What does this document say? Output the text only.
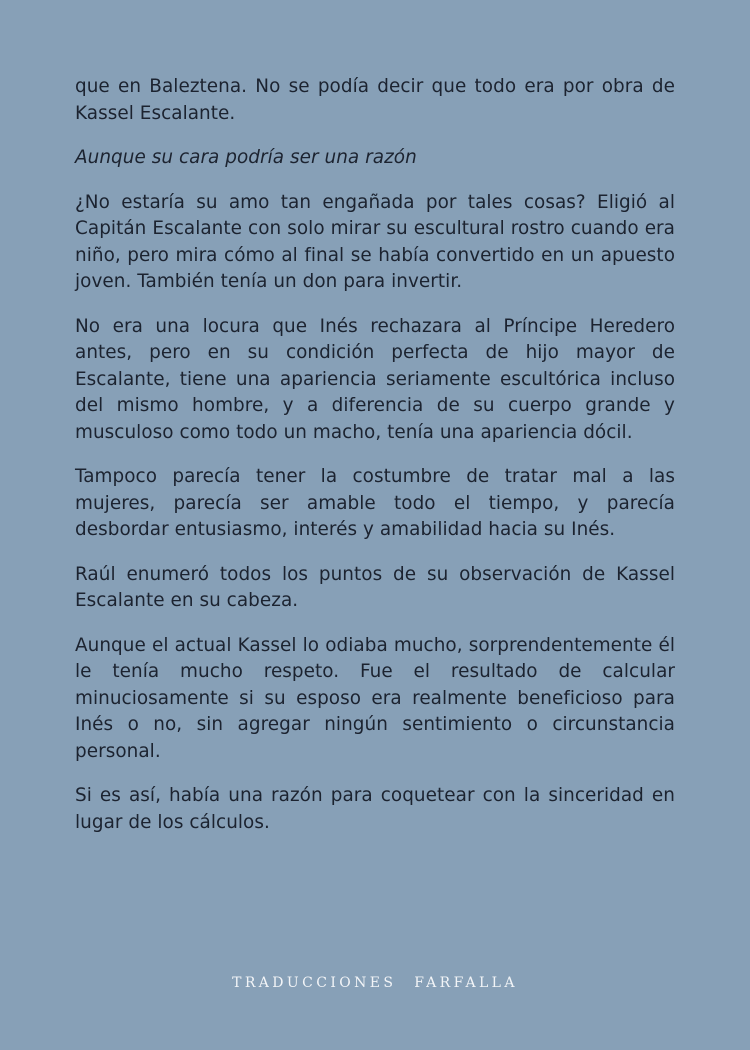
que en Baleztena. No se podía decir que todo era por obra de Kassel Escalante.

Aunque su cara podría ser una razón

¿No estaría su amo tan engañada por tales cosas? Eligió al Capitán Escalante con solo mirar su escultural rostro cuando era niño, pero mira cómo al final se había convertido en un apuesto joven. También tenía un don para invertir.

No era una locura que Inés rechazara al Príncipe Heredero antes, pero en su condición perfecta de hijo mayor de Escalante, tiene una apariencia seriamente escultórica incluso del mismo hombre, y a diferencia de su cuerpo grande y musculoso como todo un macho, tenía una apariencia dócil.

Tampoco parecía tener la costumbre de tratar mal a las mujeres, parecía ser amable todo el tiempo, y parecía desbordar entusiasmo, interés y amabilidad hacia su Inés.

Raúl enumeró todos los puntos de su observación de Kassel Escalante en su cabeza.

Aunque el actual Kassel lo odiaba mucho, sorprendentemente él le tenía mucho respeto. Fue el resultado de calcular minuciosamente si su esposo era realmente beneficioso para Inés o no, sin agregar ningún sentimiento o circunstancia personal.

Si es así, había una razón para coquetear con la sinceridad en lugar de los cálculos.

TRADUCCIONES FARFALLA
